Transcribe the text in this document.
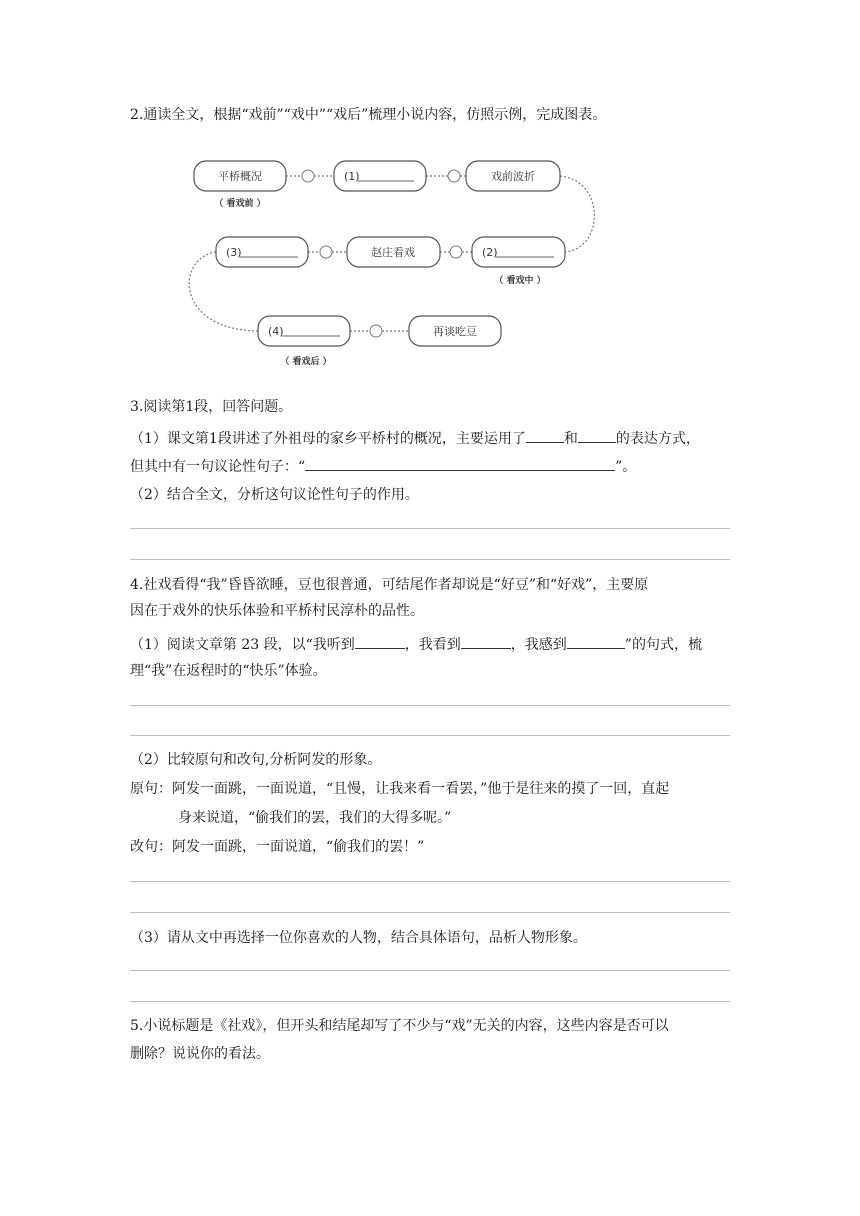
2.通读全文，根据“戏前”“戏中”“戏后”梳理小说内容，仿照示例，完成图表。
平桥概况	(1)	戏前波折
（ 看戏前 ）
(3)	赵庄看戏	(2)
（ 看戏中 ）
(4)	再谈吃豆
（ 看戏后 ）
3.阅读第1段，回答问题。
（1）课文第1段讲述了外祖母的家乡平桥村的概况，主要运用了	和	的表达方式，
但其中有一句议论性句子：“	”。
（2）结合全文，分析这句议论性句子的作用。
4.社戏看得“我”昏昏欲睡，豆也很普通，可结尾作者却说是“好豆”和“好戏”，主要原
因在于戏外的快乐体验和平桥村民淳朴的品性。
（1）阅读文章第 23 段，以“我听到	，我看到	，我感到	”的句式，梳
理“我”在返程时的“快乐”体验。
（2）比较原句和改句,分析阿发的形象。
原句：阿发一面跳，一面说道，“且慢，让我来看一看罢，”他于是往来的摸了一回，直起
身来说道，“偷我们的罢，我们的大得多呢。”
改句：阿发一面跳，一面说道，“偷我们的罢！”
（3）请从文中再选择一位你喜欢的人物，结合具体语句，品析人物形象。
5.小说标题是《社戏》，但开头和结尾却写了不少与“戏”无关的内容，这些内容是否可以
删除？说说你的看法。
